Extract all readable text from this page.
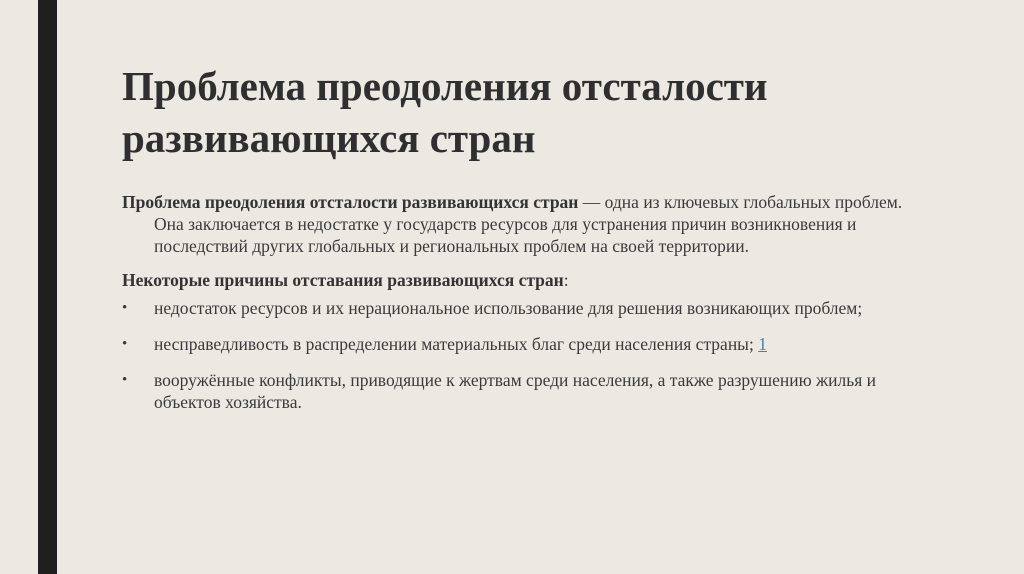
Проблема преодоления отсталости развивающихся стран

Проблема преодоления отсталости развивающихся стран — одна из ключевых глобальных проблем. Она заключается в недостатке у государств ресурсов для устранения причин возникновения и последствий других глобальных и региональных проблем на своей территории.

Некоторые причины отставания развивающихся стран:

• недостаток ресурсов и их нерациональное использование для решения возникающих проблем;
• несправедливость в распределении материальных благ среди населения страны; 1
• вооружённые конфликты, приводящие к жертвам среди населения, а также разрушению жилья и объектов хозяйства.
